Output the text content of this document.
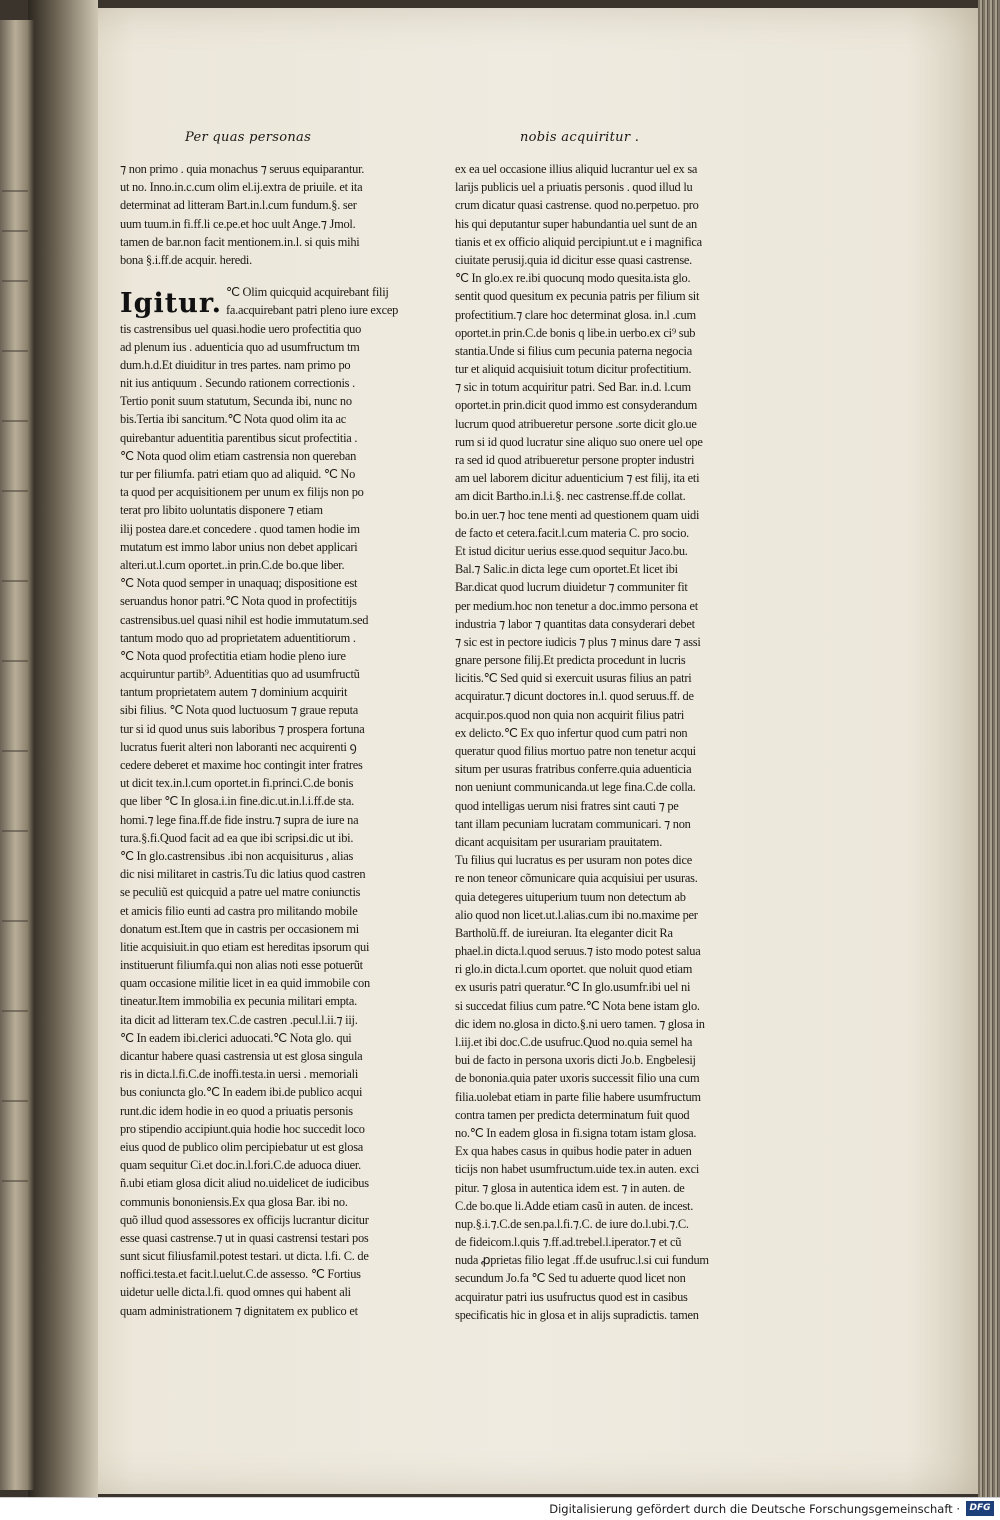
Per quas personas	nobis acquiritur .
⁊ non primo . quia monachus ⁊ seruus equiparantur.
ut no. Inno.in.c.cum olim el.ij.extra de priuile. et ita
determinat ad litteram Bart.in.l.cum fundum.§. ser
uum tuum.in fi.ff.li ce.pe.et hoc uult Ange.⁊ Jmol.
tamen de bar.non facit mentionem.in.l. si quis mihi
bona §.i.ff.de acquir. heredi.
Igitur. ℃ Olim quicquid acquirebant filij
fa.acquirebant patri pleno iure excep
tis castrensibus uel quasi.hodie uero profectitia quo
ad plenum ius . aduenticia quo ad usumfructum tm
dum.h.d.Et diuiditur in tres partes. nam primo po
nit ius antiquum . Secundo rationem correctionis .
Tertio ponit suum statutum, Secunda ibi, nunc no
bis.Tertia ibi sancitum.℃ Nota quod olim ita ac
quirebantur aduentitia parentibus sicut profectitia .
℃ Nota quod olim etiam castrensia non quereban
tur per filiumfa. patri etiam quo ad aliquid. ℃ No
ta quod per acquisitionem per unum ex filijs non po
terat pro libito uoluntatis disponere ⁊ etiam
ilij postea dare.et concedere . quod tamen hodie im
mutatum est immo labor unius non debet applicari
alteri.ut.l.cum oportet..in prin.C.de bo.que liber.
℃ Nota quod semper in unaquaq; dispositione est
seruandus honor patri.℃ Nota quod in profectitijs
castrensibus.uel quasi nihil est hodie immutatum.sed
tantum modo quo ad proprietatem aduentitiorum .
℃ Nota quod profectitia etiam hodie pleno iure
acquiruntur partib⁹. Aduentitias quo ad usumfructũ
tantum proprietatem autem ⁊ dominium acquirit
sibi filius. ℃ Nota quod luctuosum ⁊ graue reputa
tur si id quod unus suis laboribus ⁊ prospera fortuna
lucratus fuerit alteri non laboranti nec acquirenti ꝯ
cedere deberet et maxime hoc contingit inter fratres
ut dicit tex.in.l.cum oportet.in fi.princi.C.de bonis
que liber ℃ In glosa.i.in fine.dic.ut.in.l.i.ff.de sta.
homi.⁊ lege fina.ff.de fide instru.⁊ supra de iure na
tura.§.fi.Quod facit ad ea que ibi scripsi.dic ut ibi.
℃ In glo.castrensibus .ibi non acquisiturus , alias
dic nisi militaret in castris.Tu dic latius quod castren
se peculiũ est quicquid a patre uel matre coniunctis
et amicis filio eunti ad castra pro militando mobile
donatum est.Item que in castris per occasionem mi
litie acquisiuit.in quo etiam est hereditas ipsorum qui
instituerunt filiumfa.qui non alias noti esse potuerũt
quam occasione militie licet in ea quid immobile con
tineatur.Item immobilia ex pecunia militari empta.
ita dicit ad litteram tex.C.de castren .pecul.l.ii.⁊ iij.
℃ In eadem ibi.clerici aduocati.℃ Nota glo. qui
dicantur habere quasi castrensia ut est glosa singula
ris in dicta.l.fi.C.de inoffi.testa.in uersi . memoriali
bus coniuncta glo.℃ In eadem ibi.de publico acqui
runt.dic idem hodie in eo quod a priuatis personis
pro stipendio accipiunt.quia hodie hoc succedit loco
eius quod de publico olim percipiebatur ut est glosa
quam sequitur Ci.et doc.in.l.fori.C.de aduoca diuer.
ñ.ubi etiam glosa dicit aliud no.uidelicet de iudicibus
communis bononiensis.Ex qua glosa Bar. ibi no.
quõ illud quod assessores ex officijs lucrantur dicitur
esse quasi castrense.⁊ ut in quasi castrensi testari pos
sunt sicut filiusfamil.potest testari. ut dicta. l.fi. C. de
noffici.testa.et facit.l.uelut.C.de assesso. ℃ Fortius
uidetur uelle dicta.l.fi. quod omnes qui habent ali
quam administrationem ⁊ dignitatem ex publico et
ex ea uel occasione illius aliquid lucrantur uel ex sa
larijs publicis uel a priuatis personis . quod illud lu
crum dicatur quasi castrense. quod no.perpetuo. pro
his qui deputantur super habundantia uel sunt de an
tianis et ex officio aliquid percipiunt.ut e i magnifica
ciuitate perusij.quia id dicitur esse quasi castrense.
℃ In glo.ex re.ibi quocunq modo quesita.ista glo.
sentit quod quesitum ex pecunia patris per filium sit
profectitium.⁊ clare hoc determinat glosa. in.l .cum
oportet.in prin.C.de bonis q libe.in uerbo.ex ci⁹ sub
stantia.Unde si filius cum pecunia paterna negocia
tur et aliquid acquisiuit totum dicitur profectitium.
⁊ sic in totum acquiritur patri. Sed Bar. in.d. l.cum
oportet.in prin.dicit quod immo est consyderandum
lucrum quod atribueretur persone .sorte dicit glo.ue
rum si id quod lucratur sine aliquo suo onere uel ope
ra sed id quod atribueretur persone propter industri
am uel laborem dicitur aduenticium ⁊ est filij, ita eti
am dicit Bartho.in.l.i.§. nec castrense.ff.de collat.
bo.in uer.⁊ hoc tene menti ad questionem quam uidi
de facto et cetera.facit.l.cum materia C. pro socio.
Et istud dicitur uerius esse.quod sequitur Jaco.bu.
Bal.⁊ Salic.in dicta lege cum oportet.Et licet ibi
Bar.dicat quod lucrum diuidetur ⁊ communiter fit
per medium.hoc non tenetur a doc.immo persona et
industria ⁊ labor ⁊ quantitas data consyderari debet
⁊ sic est in pectore iudicis ⁊ plus ⁊ minus dare ⁊ assi
gnare persone filij.Et predicta procedunt in lucris
licitis.℃ Sed quid si exercuit usuras filius an patri
acquiratur.⁊ dicunt doctores in.l. quod seruus.ff. de
acquir.pos.quod non quia non acquirit filius patri
ex delicto.℃ Ex quo infertur quod cum patri non
queratur quod filius mortuo patre non tenetur acqui
situm per usuras fratribus conferre.quia aduenticia
non ueniunt communicanda.ut lege fina.C.de colla.
quod intelligas uerum nisi fratres sint cauti ⁊ pe
tant illam pecuniam lucratam communicari. ⁊ non
dicant acquisitam per usurariam prauitatem.
Tu filius qui lucratus es per usuram non potes dice
re non teneor cõmunicare quia acquisiui per usuras.
quia detegeres uituperium tuum non detectum ab
alio quod non licet.ut.l.alias.cum ibi no.maxime per
Bartholũ.ff. de iureiuran. Ita eleganter dicit Ra
phael.in dicta.l.quod seruus.⁊ isto modo potest salua
ri glo.in dicta.l.cum oportet. que noluit quod etiam
ex usuris patri queratur.℃ In glo.usumfr.ibi uel ni
si succedat filius cum patre.℃ Nota bene istam glo.
dic idem no.glosa in dicto.§.ni uero tamen. ⁊ glosa in
l.iij.et ibi doc.C.de usufruc.Quod no.quia semel ha
bui de facto in persona uxoris dicti Jo.b. Engbelesij
de bononia.quia pater uxoris successit filio una cum
filia.uolebat etiam in parte filie habere usumfructum
contra tamen per predicta determinatum fuit quod
no.℃ In eadem glosa in fi.signa totam istam glosa.
Ex qua habes casus in quibus hodie pater in aduen
ticijs non habet usumfructum.uide tex.in auten. exci
pitur. ⁊ glosa in autentica idem est. ⁊ in auten. de
C.de bo.que li.Adde etiam casũ in auten. de incest.
nup.§.i.⁊.C.de sen.pa.l.fi.⁊.C. de iure do.l.ubi.⁊.C.
de fideicom.l.quis ⁊.ff.ad.trebel.l.iperator.⁊ et cũ
nuda ꝓprietas filio legat .ff.de usufruc.l.si cui fundum
secundum Jo.fa ℃ Sed tu aduerte quod licet non
acquiratur patri ius usufructus quod est in casibus
specificatis hic in glosa et in alijs supradictis. tamen
Digitalisierung gefördert durch die Deutsche Forschungsgemeinschaft ·	DFG
